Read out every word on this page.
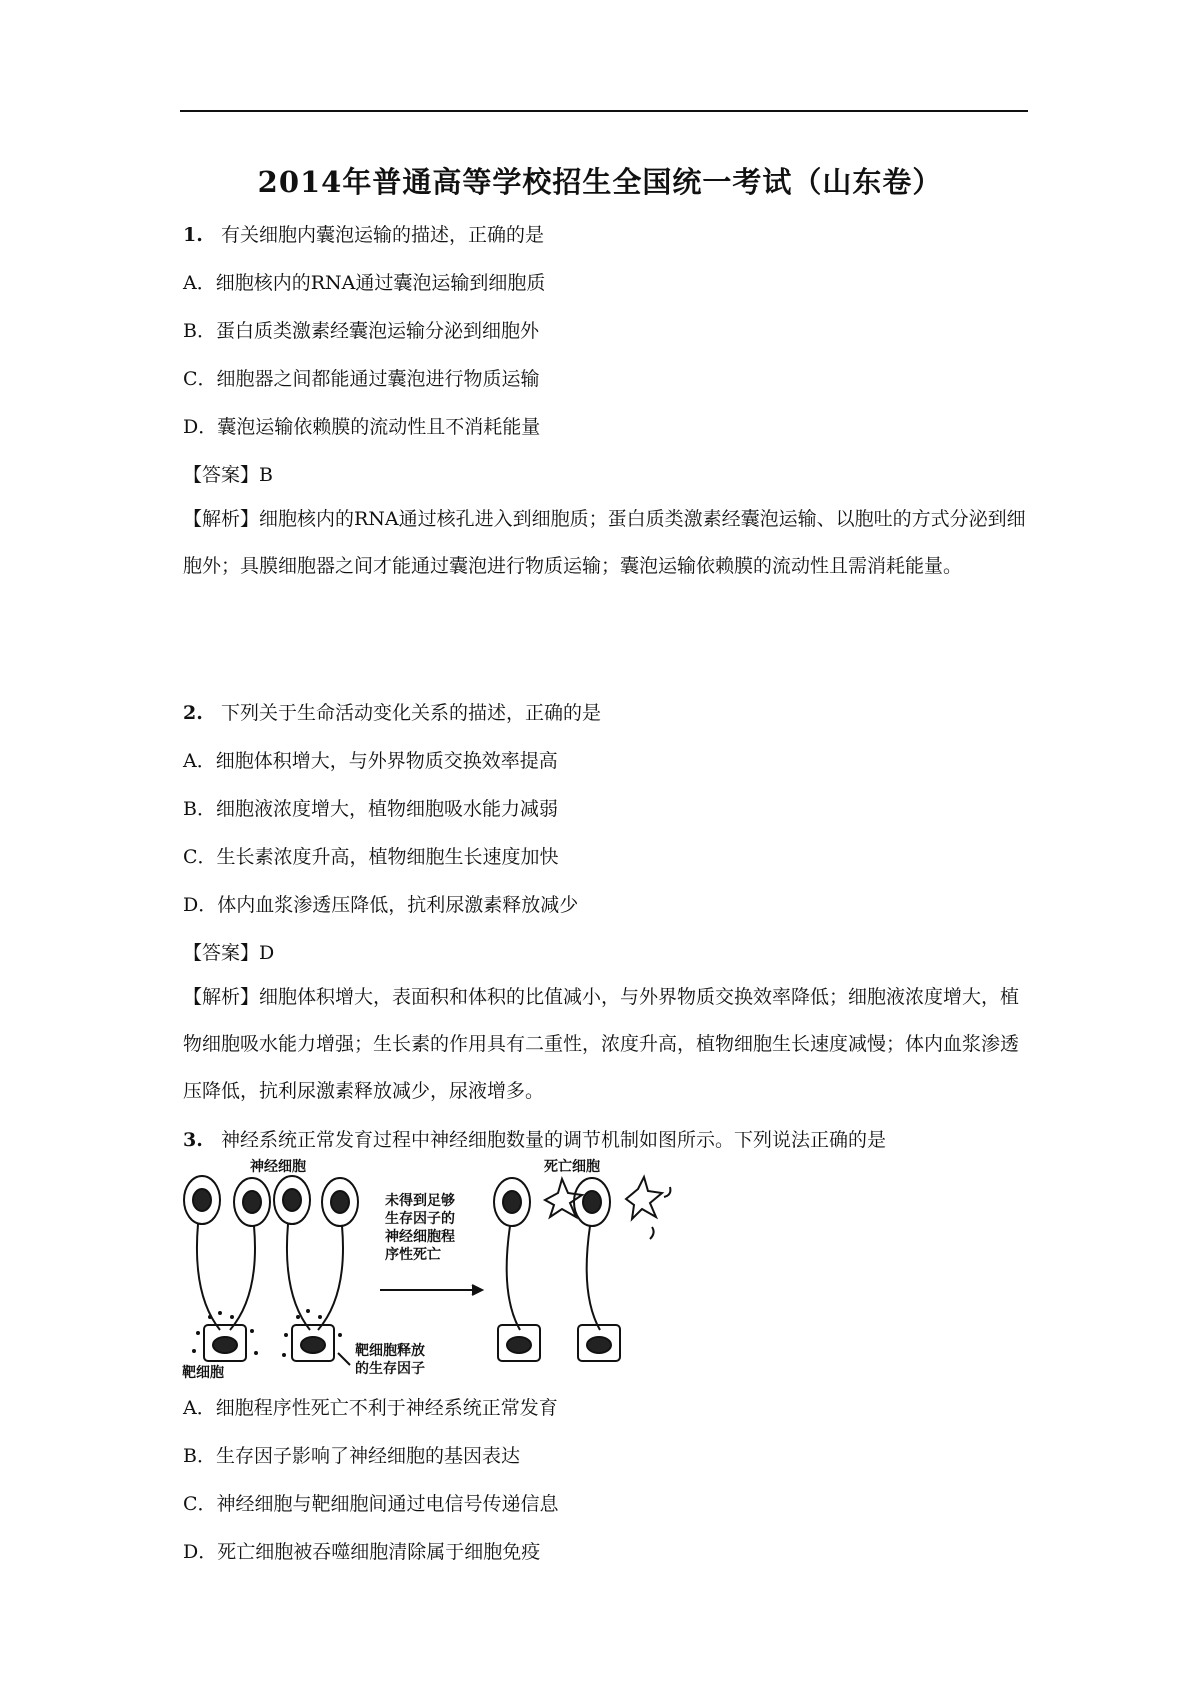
2014年普通高等学校招生全国统一考试（山东卷）
1. 有关细胞内囊泡运输的描述，正确的是
A．细胞核内的RNA通过囊泡运输到细胞质
B．蛋白质类激素经囊泡运输分泌到细胞外
C．细胞器之间都能通过囊泡进行物质运输
D．囊泡运输依赖膜的流动性且不消耗能量
【答案】B

【解析】细胞核内的RNA通过核孔进入到细胞质；蛋白质类激素经囊泡运输、以胞吐的方式分泌到细胞外；具膜细胞器之间才能通过囊泡进行物质运输；囊泡运输依赖膜的流动性且需消耗能量。

2. 下列关于生命活动变化关系的描述，正确的是
A．细胞体积增大，与外界物质交换效率提高
B．细胞液浓度增大，植物细胞吸水能力减弱
C．生长素浓度升高，植物细胞生长速度加快
D．体内血浆渗透压降低，抗利尿激素释放减少
【答案】D

【解析】细胞体积增大，表面积和体积的比值减小，与外界物质交换效率降低；细胞液浓度增大，植物细胞吸水能力增强；生长素的作用具有二重性，浓度升高，植物细胞生长速度减慢；体内血浆渗透压降低，抗利尿激素释放减少，尿液增多。

3. 神经系统正常发育过程中神经细胞数量的调节机制如图所示。下列说法正确的是
神经细胞	死亡细胞
未得到足够
生存因子的
神经细胞程
序性死亡
靶细胞
靶细胞释放
的生存因子
A．细胞程序性死亡不利于神经系统正常发育
B．生存因子影响了神经细胞的基因表达
C．神经细胞与靶细胞间通过电信号传递信息
D．死亡细胞被吞噬细胞清除属于细胞免疫
